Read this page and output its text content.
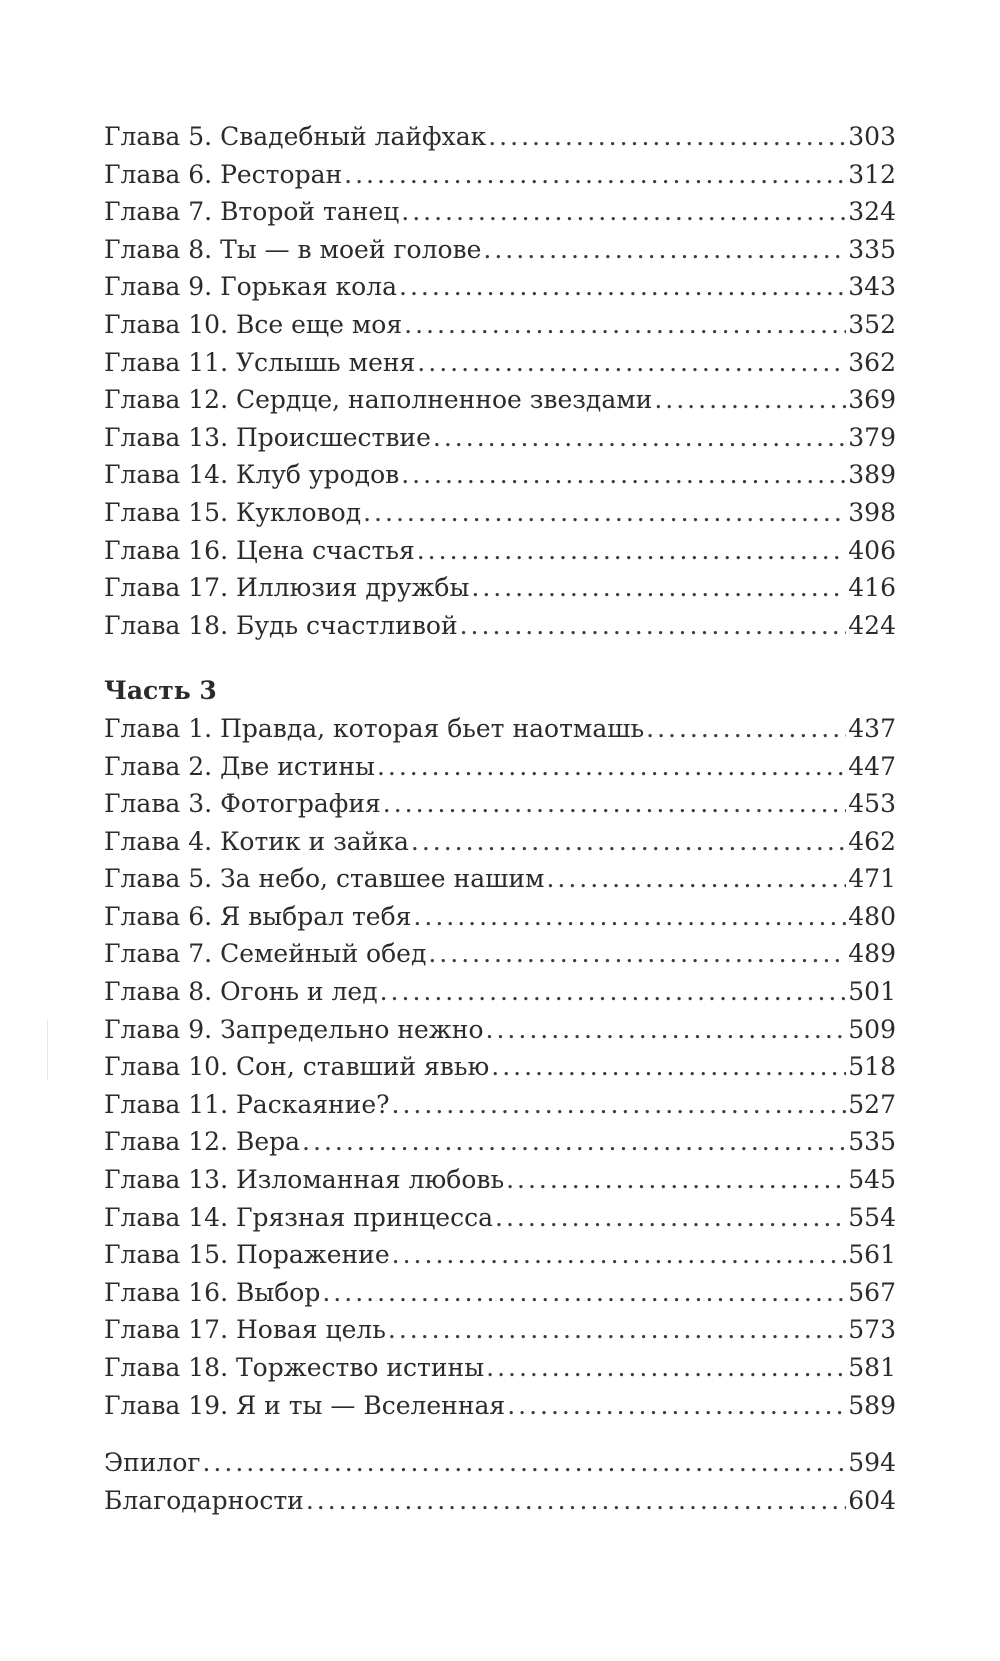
Глава 5. Свадебный лайфхак .....	303
Глава 6. Ресторан .....	312
Глава 7. Второй танец .....	324
Глава 8. Ты — в моей голове .....	335
Глава 9. Горькая кола .....	343
Глава 10. Все еще моя .....	352
Глава 11. Услышь меня .....	362
Глава 12. Сердце, наполненное звездами .....	369
Глава 13. Происшествие .....	379
Глава 14. Клуб уродов .....	389
Глава 15. Кукловод .....	398
Глава 16. Цена счастья .....	406
Глава 17. Иллюзия дружбы .....	416
Глава 18. Будь счастливой .....	424
Часть 3
Глава 1. Правда, которая бьет наотмашь .....	437
Глава 2. Две истины .....	447
Глава 3. Фотография .....	453
Глава 4. Котик и зайка .....	462
Глава 5. За небо, ставшее нашим .....	471
Глава 6. Я выбрал тебя .....	480
Глава 7. Семейный обед .....	489
Глава 8. Огонь и лед .....	501
Глава 9. Запредельно нежно .....	509
Глава 10. Сон, ставший явью .....	518
Глава 11. Раскаяние? .....	527
Глава 12. Вера .....	535
Глава 13. Изломанная любовь .....	545
Глава 14. Грязная принцесса .....	554
Глава 15. Поражение .....	561
Глава 16. Выбор .....	567
Глава 17. Новая цель .....	573
Глава 18. Торжество истины .....	581
Глава 19. Я и ты — Вселенная .....	589
Эпилог .....	594
Благодарности .....	604
